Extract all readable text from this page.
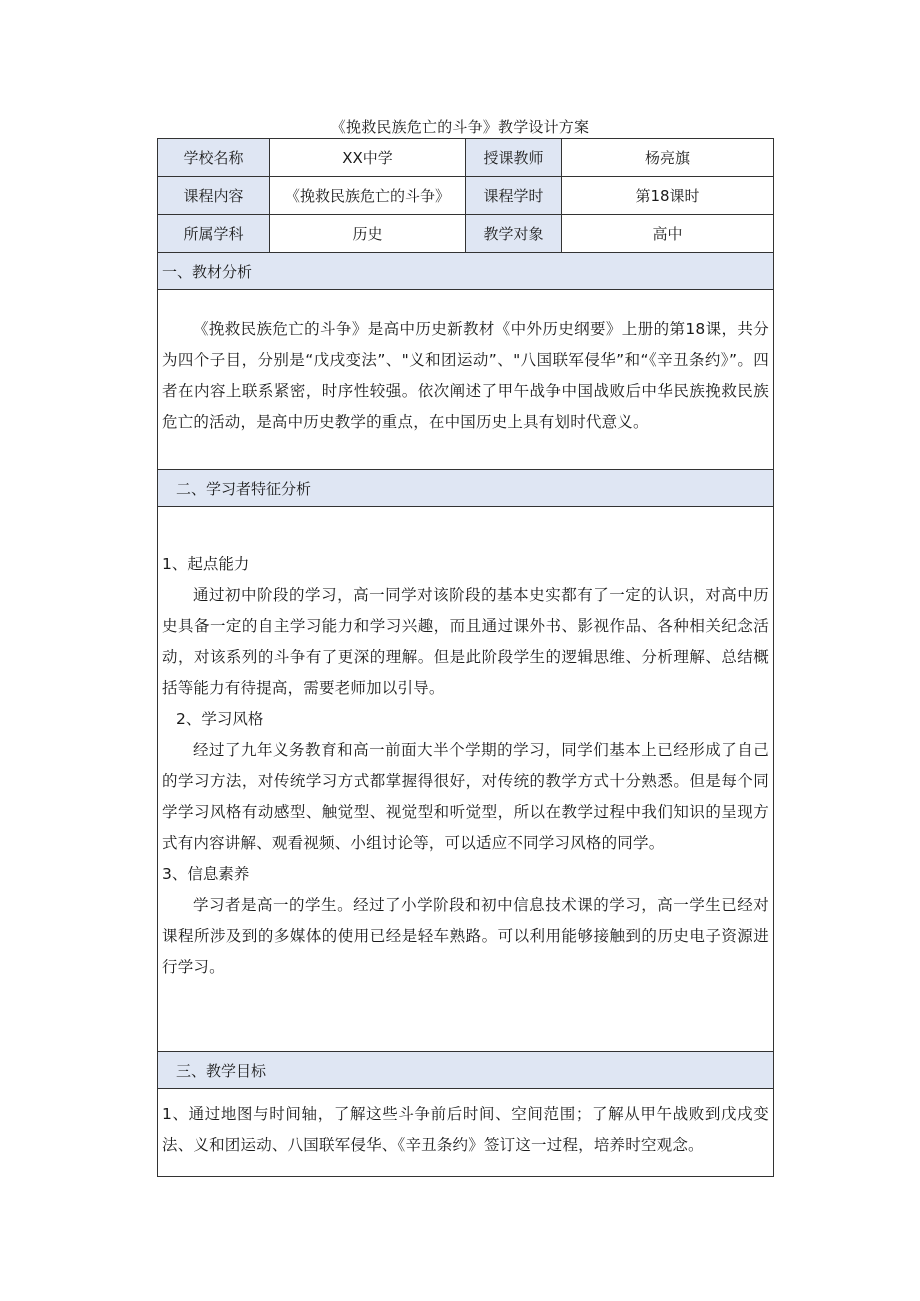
《挽救民族危亡的斗争》教学设计方案
学校名称	XX中学	授课教师	杨亮旗
课程内容	《挽救民族危亡的斗争》	课程学时	第18课时
所属学科	历史	教学对象	高中
一、教材分析

《挽救民族危亡的斗争》是高中历史新教材《中外历史纲要》上册的第18课，共分为四个子目，分别是“戊戌变法”、"义和团运动”、"八国联军侵华”和“《辛丑条约》”。四者在内容上联系紧密，时序性较强。依次阐述了甲午战争中国战败后中华民族挽救民族危亡的活动，是高中历史教学的重点，在中国历史上具有划时代意义。

二、学习者特征分析

1、起点能力

通过初中阶段的学习，高一同学对该阶段的基本史实都有了一定的认识，对高中历史具备一定的自主学习能力和学习兴趣，而且通过课外书、影视作品、各种相关纪念活动，对该系列的斗争有了更深的理解。但是此阶段学生的逻辑思维、分析理解、总结概括等能力有待提高，需要老师加以引导。

2、学习风格

经过了九年义务教育和高一前面大半个学期的学习，同学们基本上已经形成了自己的学习方法，对传统学习方式都掌握得很好，对传统的教学方式十分熟悉。但是每个同学学习风格有动感型、触觉型、视觉型和听觉型，所以在教学过程中我们知识的呈现方式有内容讲解、观看视频、小组讨论等，可以适应不同学习风格的同学。

3、信息素养

学习者是高一的学生。经过了小学阶段和初中信息技术课的学习，高一学生已经对课程所涉及到的多媒体的使用已经是轻车熟路。可以利用能够接触到的历史电子资源进行学习。

三、教学目标

1、通过地图与时间轴，了解这些斗争前后时间、空间范围；了解从甲午战败到戊戌变法、义和团运动、八国联军侵华、《辛丑条约》签订这一过程，培养时空观念。
